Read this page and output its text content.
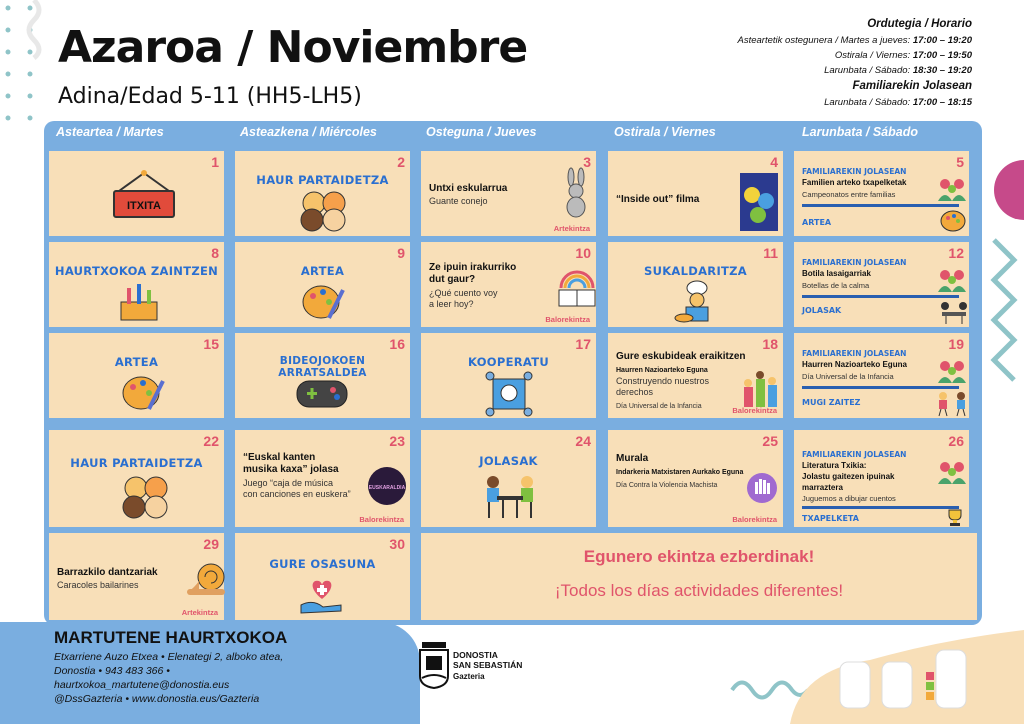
Azaroa / Noviembre
Adina/Edad 5-11 (HH5-LH5)
Ordutegia / Horario
Asteartetik ostegunera / Martes a jueves: 17:00 – 19:20
Ostirala / Viernes: 17:00 – 19:50
Larunbata / Sábado: 18:30 – 19:20
Familiarekin Jolasean
Larunbata / Sábado: 17:00 – 18:15
Asteartea / Martes	Asteazkena / Miércoles	Osteguna / Jueves	Ostirala / Viernes	Larunbata / Sábado
1
ITXITA
2
HAUR PARTAIDETZA
3
Untxi eskularrua
Guante conejo
Artekintza
4
“Inside out” filma
5
FAMILIAREKIN JOLASEAN
Familien arteko txapelketak
Campeonatos entre familias
ARTEA
8
HAURTXOKOA ZAINTZEN
9
ARTEA
10
Ze ipuin irakurriko
dut gaur?
¿Qué cuento voy
a leer hoy?
Balorekintza
11
SUKALDARITZA
12
FAMILIAREKIN JOLASEAN
Botila lasaigarriak
Botellas de la calma
JOLASAK
15
ARTEA
16
BIDEOJOKOEN ARRATSALDEA
17
KOOPERATU
18
Gure eskubideak eraikitzen
Haurren Nazioarteko Eguna
Construyendo nuestros
derechos
Día Universal de la Infancia	Balorekintza
19
FAMILIAREKIN JOLASEAN
Haurren Nazioarteko Eguna
Día Universal de la Infancia
MUGI ZAITEZ
22
HAUR PARTAIDETZA
23
“Euskal kanten
musika kaxa” jolasa
Juego “caja de música
con canciones en euskera”
EUSKARALDIA
Balorekintza
24
JOLASAK
25
Murala
Indarkeria Matxistaren Aurkako Eguna
Día Contra la Violencia Machista
Balorekintza
26
FAMILIAREKIN JOLASEAN
Literatura Txikia:
Jolastu gaitezen ipuinak
marraztera
Juguemos a dibujar cuentos
TXAPELKETA
29
Barrazkilo dantzariak
Caracoles bailarines
Artekintza
30
GURE OSASUNA	Egunero ekintza ezberdinak!
¡Todos los días actividades diferentes!
MARTUTENE HAURTXOKOA
Etxarriene Auzo Etxea • Elenategi 2, alboko atea,
Donostia • 943 483 366 •
haurtxokoa_martutene@donostia.eus
@DssGazteria • www.donostia.eus/Gazteria
DONOSTIA
SAN SEBASTIÁN
Gazteria
